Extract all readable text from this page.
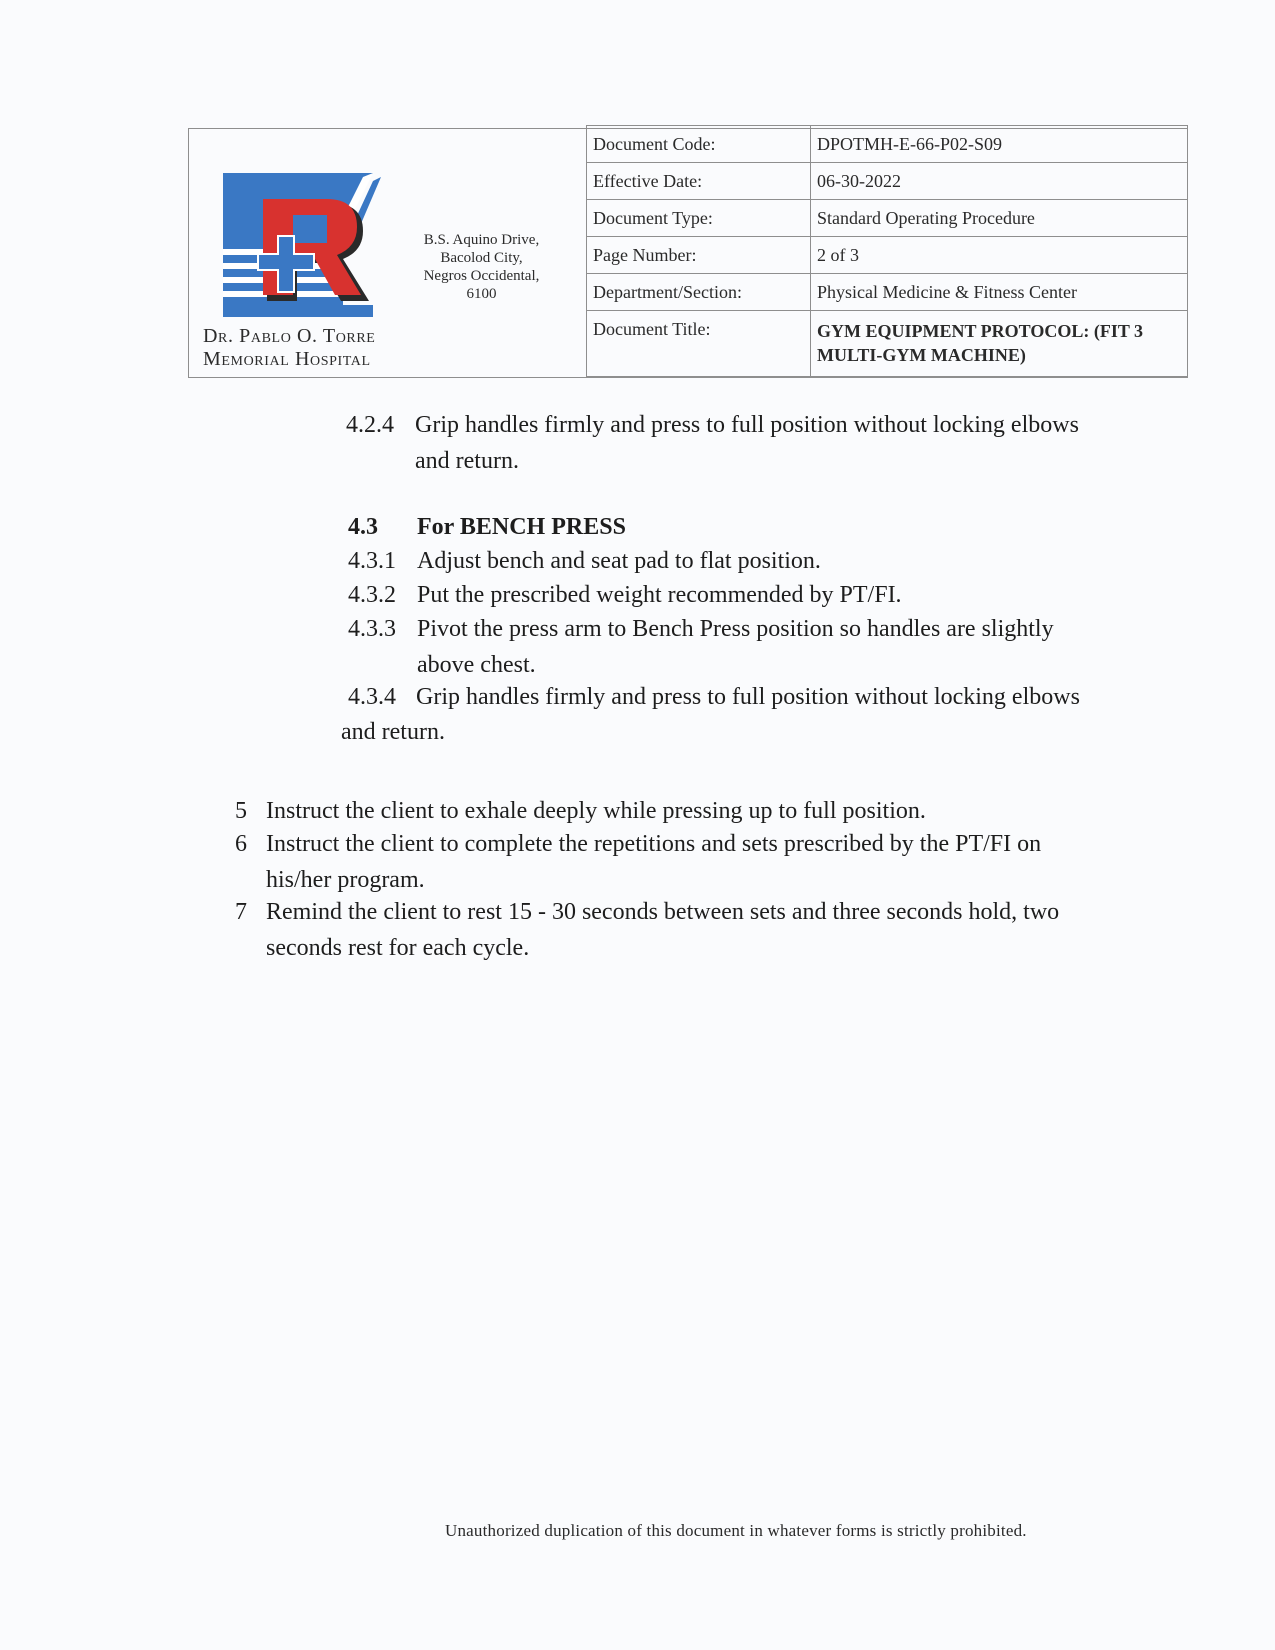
Dr. Pablo O. Torre
Memorial Hospital
B.S. Aquino Drive,
Bacolod City,
Negros Occidental,
6100
Document Code:	DPOTMH-E-66-P02-S09
Effective Date:	06-30-2022
Document Type:	Standard Operating Procedure
Page Number:	2 of 3
Department/Section:	Physical Medicine & Fitness Center
Document Title:	GYM EQUIPMENT PROTOCOL: (FIT 3 MULTI-GYM MACHINE)
4.2.4 Grip handles firmly and press to full position without locking elbows
and return.
4.3 For BENCH PRESS
4.3.1 Adjust bench and seat pad to flat position.
4.3.2 Put the prescribed weight recommended by PT/FI.
4.3.3 Pivot the press arm to Bench Press position so handles are slightly
above chest.
4.3.4 Grip handles firmly and press to full position without locking elbows
and return.
5 Instruct the client to exhale deeply while pressing up to full position.
6 Instruct the client to complete the repetitions and sets prescribed by the PT/FI on
his/her program.
7 Remind the client to rest 15 - 30 seconds between sets and three seconds hold, two
seconds rest for each cycle.
Unauthorized duplication of this document in whatever forms is strictly prohibited.
